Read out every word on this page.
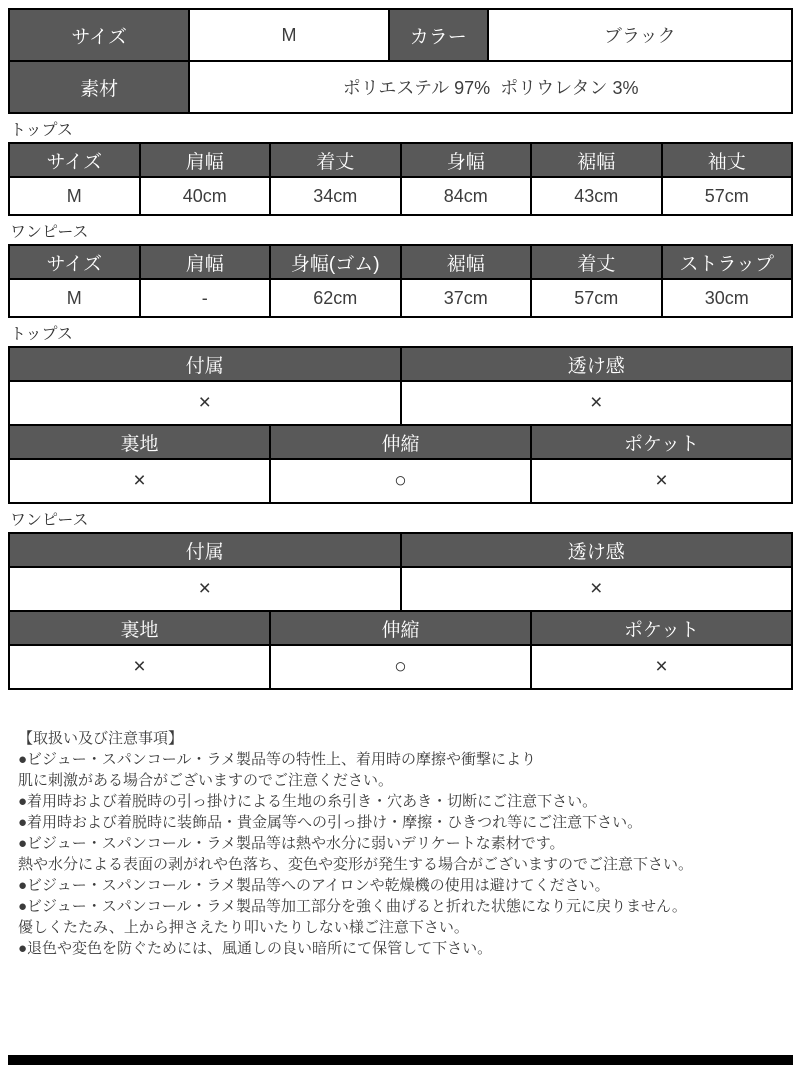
サイズ	M	カラー	ブラック
素材	ポリエステル 97%  ポリウレタン 3%		
トップス
サイズ	肩幅	着丈	身幅	裾幅	袖丈
M	40cm	34cm	84cm	43cm	57cm
ワンピース
サイズ	肩幅	身幅(ゴム)	裾幅	着丈	ストラップ
M	-	62cm	37cm	57cm	30cm
トップス
付属		透け感	
×		×	
裏地	伸縮		ポケット
×	○		×
ワンピース
付属		透け感	
×		×	
裏地	伸縮		ポケット
×	○		×
【取扱い及び注意事項】
●ビジュー・スパンコール・ラメ製品等の特性上、着用時の摩擦や衝撃により
肌に刺激がある場合がございますのでご注意ください。
●着用時および着脱時の引っ掛けによる生地の糸引き・穴あき・切断にご注意下さい。
●着用時および着脱時に装飾品・貴金属等への引っ掛け・摩擦・ひきつれ等にご注意下さい。
●ビジュー・スパンコール・ラメ製品等は熱や水分に弱いデリケートな素材です。
熱や水分による表面の剥がれや色落ち、変色や変形が発生する場合がございますのでご注意下さい。
●ビジュー・スパンコール・ラメ製品等へのアイロンや乾燥機の使用は避けてください。
●ビジュー・スパンコール・ラメ製品等加工部分を強く曲げると折れた状態になり元に戻りません。
優しくたたみ、上から押さえたり叩いたりしない様ご注意下さい。
●退色や変色を防ぐためには、風通しの良い暗所にて保管して下さい。
